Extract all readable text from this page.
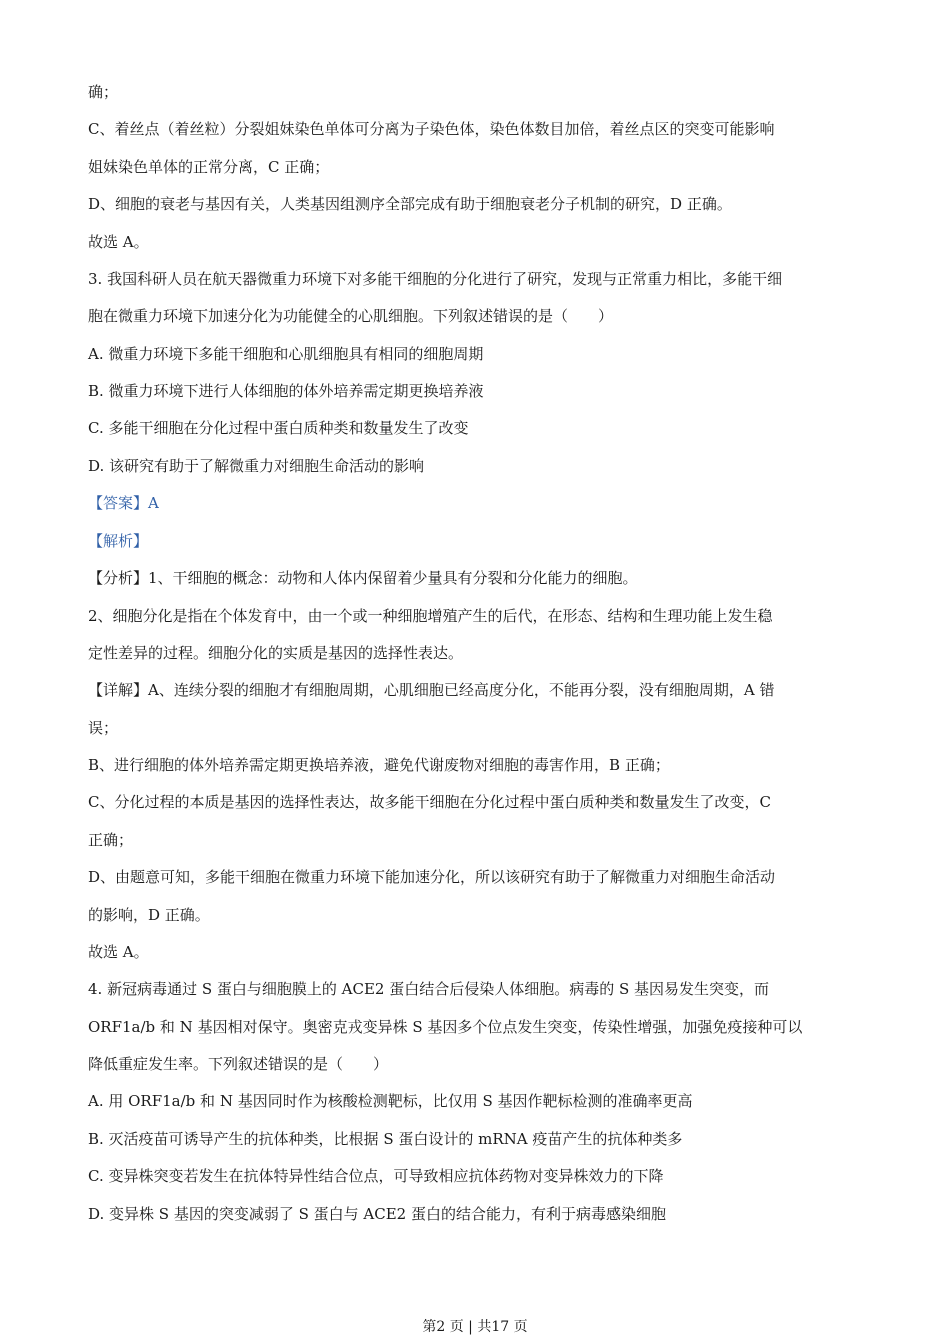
确；
C、着丝点（着丝粒）分裂姐妹染色单体可分离为子染色体，染色体数目加倍，着丝点区的突变可能影响
姐妹染色单体的正常分离，C 正确；
D、细胞的衰老与基因有关，人类基因组测序全部完成有助于细胞衰老分子机制的研究，D 正确。
故选 A。
3. 我国科研人员在航天器微重力环境下对多能干细胞的分化进行了研究，发现与正常重力相比，多能干细
胞在微重力环境下加速分化为功能健全的心肌细胞。下列叙述错误的是（　　）
A. 微重力环境下多能干细胞和心肌细胞具有相同的细胞周期
B. 微重力环境下进行人体细胞的体外培养需定期更换培养液
C. 多能干细胞在分化过程中蛋白质种类和数量发生了改变
D. 该研究有助于了解微重力对细胞生命活动的影响
【答案】A
【解析】
【分析】1、干细胞的概念：动物和人体内保留着少量具有分裂和分化能力的细胞。
2、细胞分化是指在个体发育中，由一个或一种细胞增殖产生的后代，在形态、结构和生理功能上发生稳
定性差异的过程。细胞分化的实质是基因的选择性表达。
【详解】A、连续分裂的细胞才有细胞周期，心肌细胞已经高度分化，不能再分裂，没有细胞周期，A 错
误；
B、进行细胞的体外培养需定期更换培养液，避免代谢废物对细胞的毒害作用，B 正确；
C、分化过程的本质是基因的选择性表达，故多能干细胞在分化过程中蛋白质种类和数量发生了改变，C
正确；
D、由题意可知，多能干细胞在微重力环境下能加速分化，所以该研究有助于了解微重力对细胞生命活动
的影响，D 正确。
故选 A。
4. 新冠病毒通过 S 蛋白与细胞膜上的 ACE2 蛋白结合后侵染人体细胞。病毒的 S 基因易发生突变，而
ORF1a/b 和 N 基因相对保守。奥密克戎变异株 S 基因多个位点发生突变，传染性增强，加强免疫接种可以
降低重症发生率。下列叙述错误的是（　　）
A. 用 ORF1a/b 和 N 基因同时作为核酸检测靶标，比仅用 S 基因作靶标检测的准确率更高
B. 灭活疫苗可诱导产生的抗体种类，比根据 S 蛋白设计的 mRNA 疫苗产生的抗体种类多
C. 变异株突变若发生在抗体特异性结合位点，可导致相应抗体药物对变异株效力的下降
D. 变异株 S 基因的突变减弱了 S 蛋白与 ACE2 蛋白的结合能力，有利于病毒感染细胞
第2 页 | 共17 页
